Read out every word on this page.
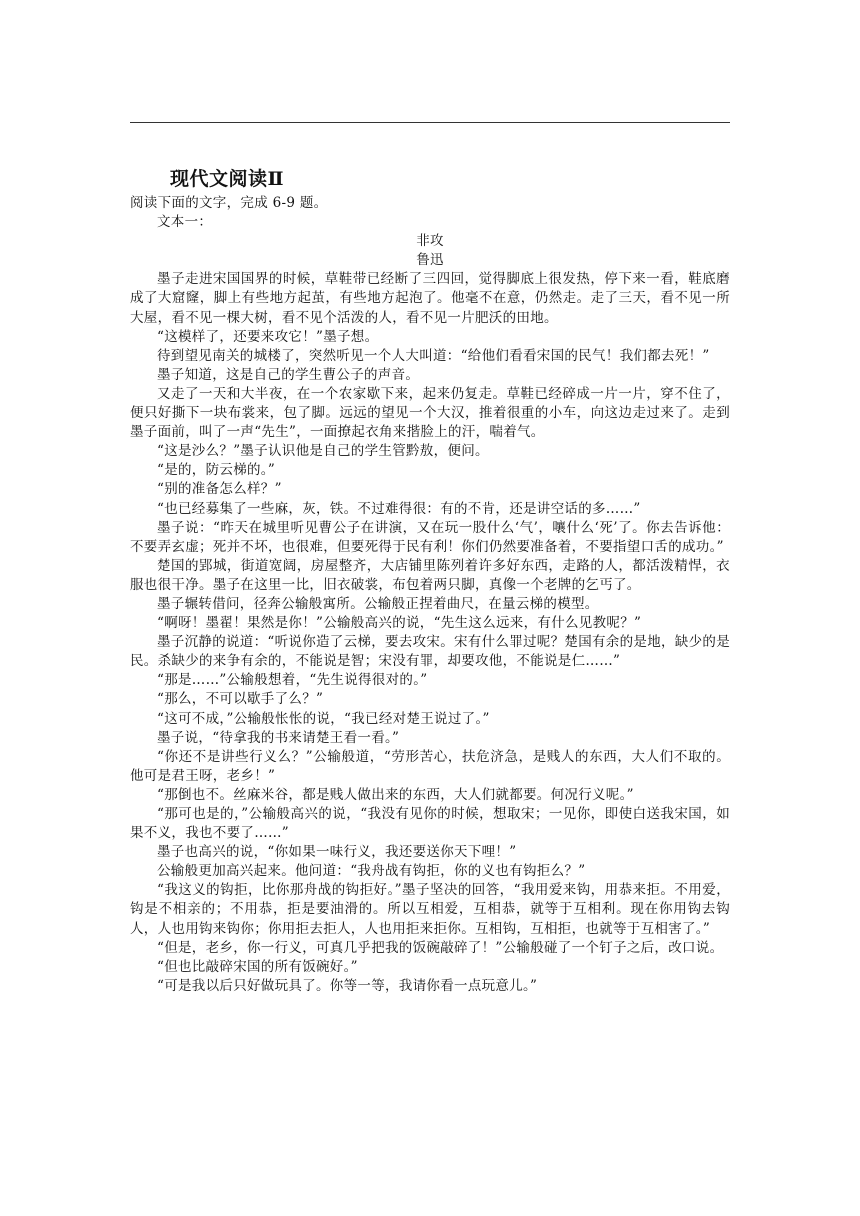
现代文阅读Ⅱ

阅读下面的文字，完成 6-9 题。

文本一：

非攻

鲁迅

墨子走进宋国国界的时候，草鞋带已经断了三四回，觉得脚底上很发热，停下来一看，鞋底磨成了大窟窿，脚上有些地方起茧，有些地方起泡了。他毫不在意，仍然走。走了三天，看不见一所大屋，看不见一棵大树，看不见个活泼的人，看不见一片肥沃的田地。

“这模样了，还要来攻它！”墨子想。

待到望见南关的城楼了，突然听见一个人大叫道：“给他们看看宋国的民气！我们都去死！”

墨子知道，这是自己的学生曹公子的声音。

又走了一天和大半夜，在一个农家歇下来，起来仍复走。草鞋已经碎成一片一片，穿不住了，便只好撕下一块布裳来，包了脚。远远的望见一个大汉，推着很重的小车，向这边走过来了。走到墨子面前，叫了一声“先生”，一面撩起衣角来揩脸上的汗，喘着气。

“这是沙么？”墨子认识他是自己的学生管黔敖，便问。

“是的，防云梯的。”

“别的准备怎么样？”

“也已经募集了一些麻，灰，铁。不过难得很：有的不肯，还是讲空话的多……”

墨子说：“昨天在城里听见曹公子在讲演，又在玩一股什么‘气’，嚷什么‘死’了。你去告诉他：不要弄玄虚；死并不坏，也很难，但要死得于民有利！你们仍然要准备着，不要指望口舌的成功。”

楚国的郢城，街道宽阔，房屋整齐，大店铺里陈列着许多好东西，走路的人，都活泼精悍，衣服也很干净。墨子在这里一比，旧衣破裳，布包着两只脚，真像一个老牌的乞丐了。

墨子辗转借问，径奔公输般寓所。公输般正捏着曲尺，在量云梯的模型。

“啊呀！墨翟！果然是你！”公输般高兴的说，“先生这么远来，有什么见教呢？”

墨子沉静的说道：“听说你造了云梯，要去攻宋。宋有什么罪过呢？楚国有余的是地，缺少的是民。杀缺少的来争有余的，不能说是智；宋没有罪，却要攻他，不能说是仁……”

“那是……”公输般想着，“先生说得很对的。”

“那么，不可以歇手了么？”

“这可不成，”公输般怅怅的说，“我已经对楚王说过了。”

墨子说，“待拿我的书来请楚王看一看。”

“你还不是讲些行义么？”公输般道，“劳形苦心，扶危济急，是贱人的东西，大人们不取的。他可是君王呀，老乡！”

“那倒也不。丝麻米谷，都是贱人做出来的东西，大人们就都要。何况行义呢。”

“那可也是的，”公输般高兴的说，“我没有见你的时候，想取宋；一见你，即使白送我宋国，如果不义，我也不要了……”

墨子也高兴的说，“你如果一味行义，我还要送你天下哩！”

公输般更加高兴起来。他问道：“我舟战有钩拒，你的义也有钩拒么？”

“我这义的钩拒，比你那舟战的钩拒好。”墨子坚决的回答，“我用爱来钩，用恭来拒。不用爱，钩是不相亲的；不用恭，拒是要油滑的。所以互相爱，互相恭，就等于互相利。现在你用钩去钩人，人也用钩来钩你；你用拒去拒人，人也用拒来拒你。互相钩，互相拒，也就等于互相害了。”

“但是，老乡，你一行义，可真几乎把我的饭碗敲碎了！”公输般碰了一个钉子之后，改口说。

“但也比敲碎宋国的所有饭碗好。”

“可是我以后只好做玩具了。你等一等，我请你看一点玩意儿。”
